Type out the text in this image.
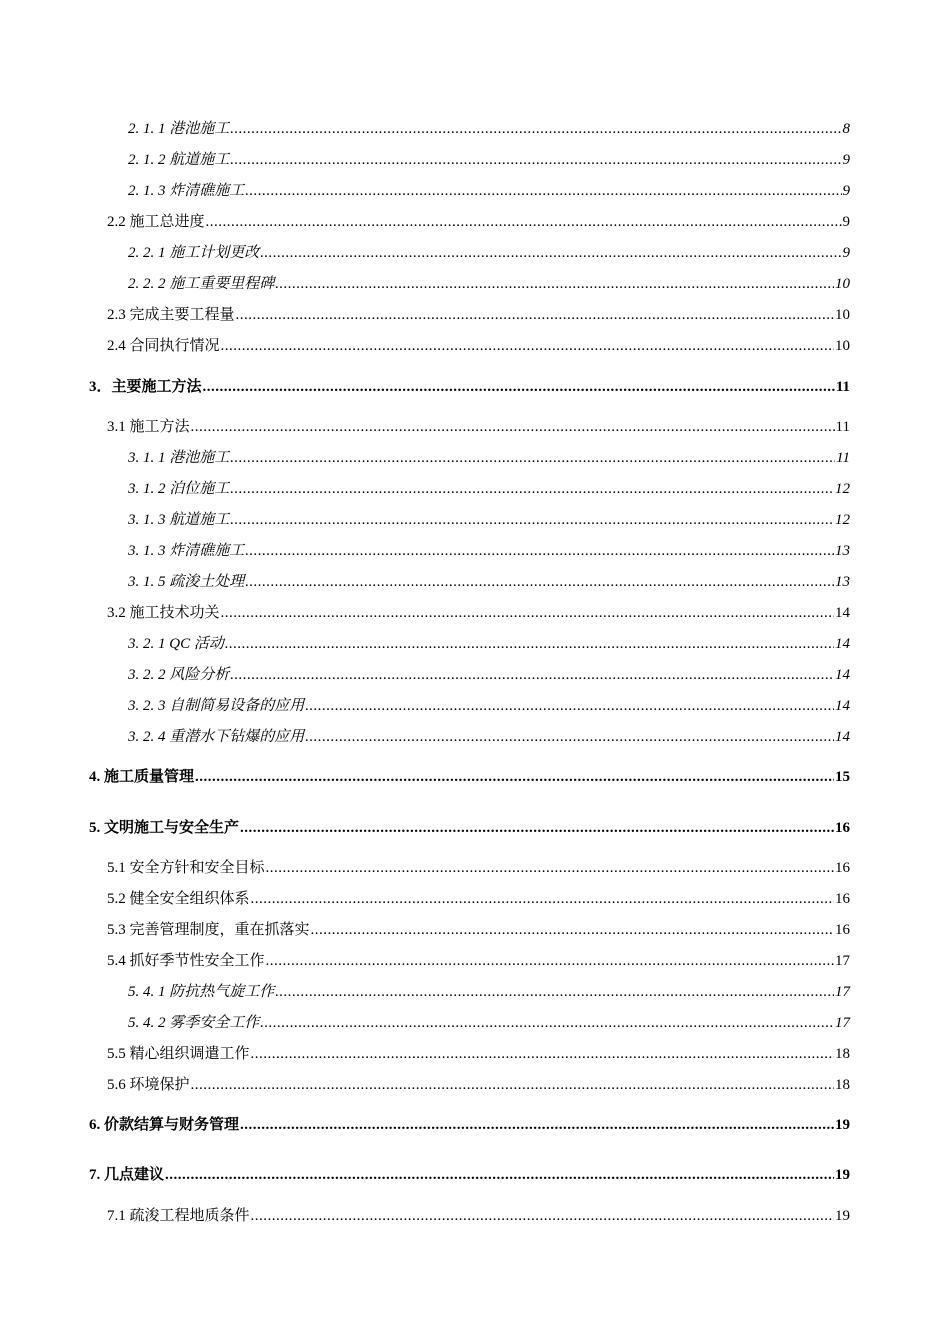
2. 1. 1 港池施工 .....	8
2. 1. 2 航道施工 .....	9
2. 1. 3 炸清礁施工 .....	9
2.2 施工总进度 .....	9
2. 2. 1 施工计划更改 .....	9
2. 2. 2 施工重要里程碑 .....	10
2.3 完成主要工程量 .....	10
2.4 合同执行情况 .....	10
3．主要施工方法 .....	11
3.1 施工方法 .....	11
3. 1. 1 港池施工 .....	11
3. 1. 2 泊位施工 .....	12
3. 1. 3 航道施工 .....	12
3. 1. 3 炸清礁施工 .....	13
3. 1. 5 疏浚土处理 .....	13
3.2 施工技术功关 .....	14
3. 2. 1 QC 活动 .....	14
3. 2. 2 风险分析 .....	14
3. 2. 3 自制简易设备的应用 .....	14
3. 2. 4 重潜水下钻爆的应用 .....	14
4. 施工质量管理 .....	15
5. 文明施工与安全生产 .....	16
5.1 安全方针和安全目标 .....	16
5.2 健全安全组织体系 .....	16
5.3 完善管理制度，重在抓落实 .....	16
5.4 抓好季节性安全工作 .....	17
5. 4. 1 防抗热气旋工作 .....	17
5. 4. 2 雾季安全工作 .....	17
5.5 精心组织调遣工作 .....	18
5.6 环境保护 .....	18
6. 价款结算与财务管理 .....	19
7. 几点建议 .....	19
7.1 疏浚工程地质条件 .....	19
